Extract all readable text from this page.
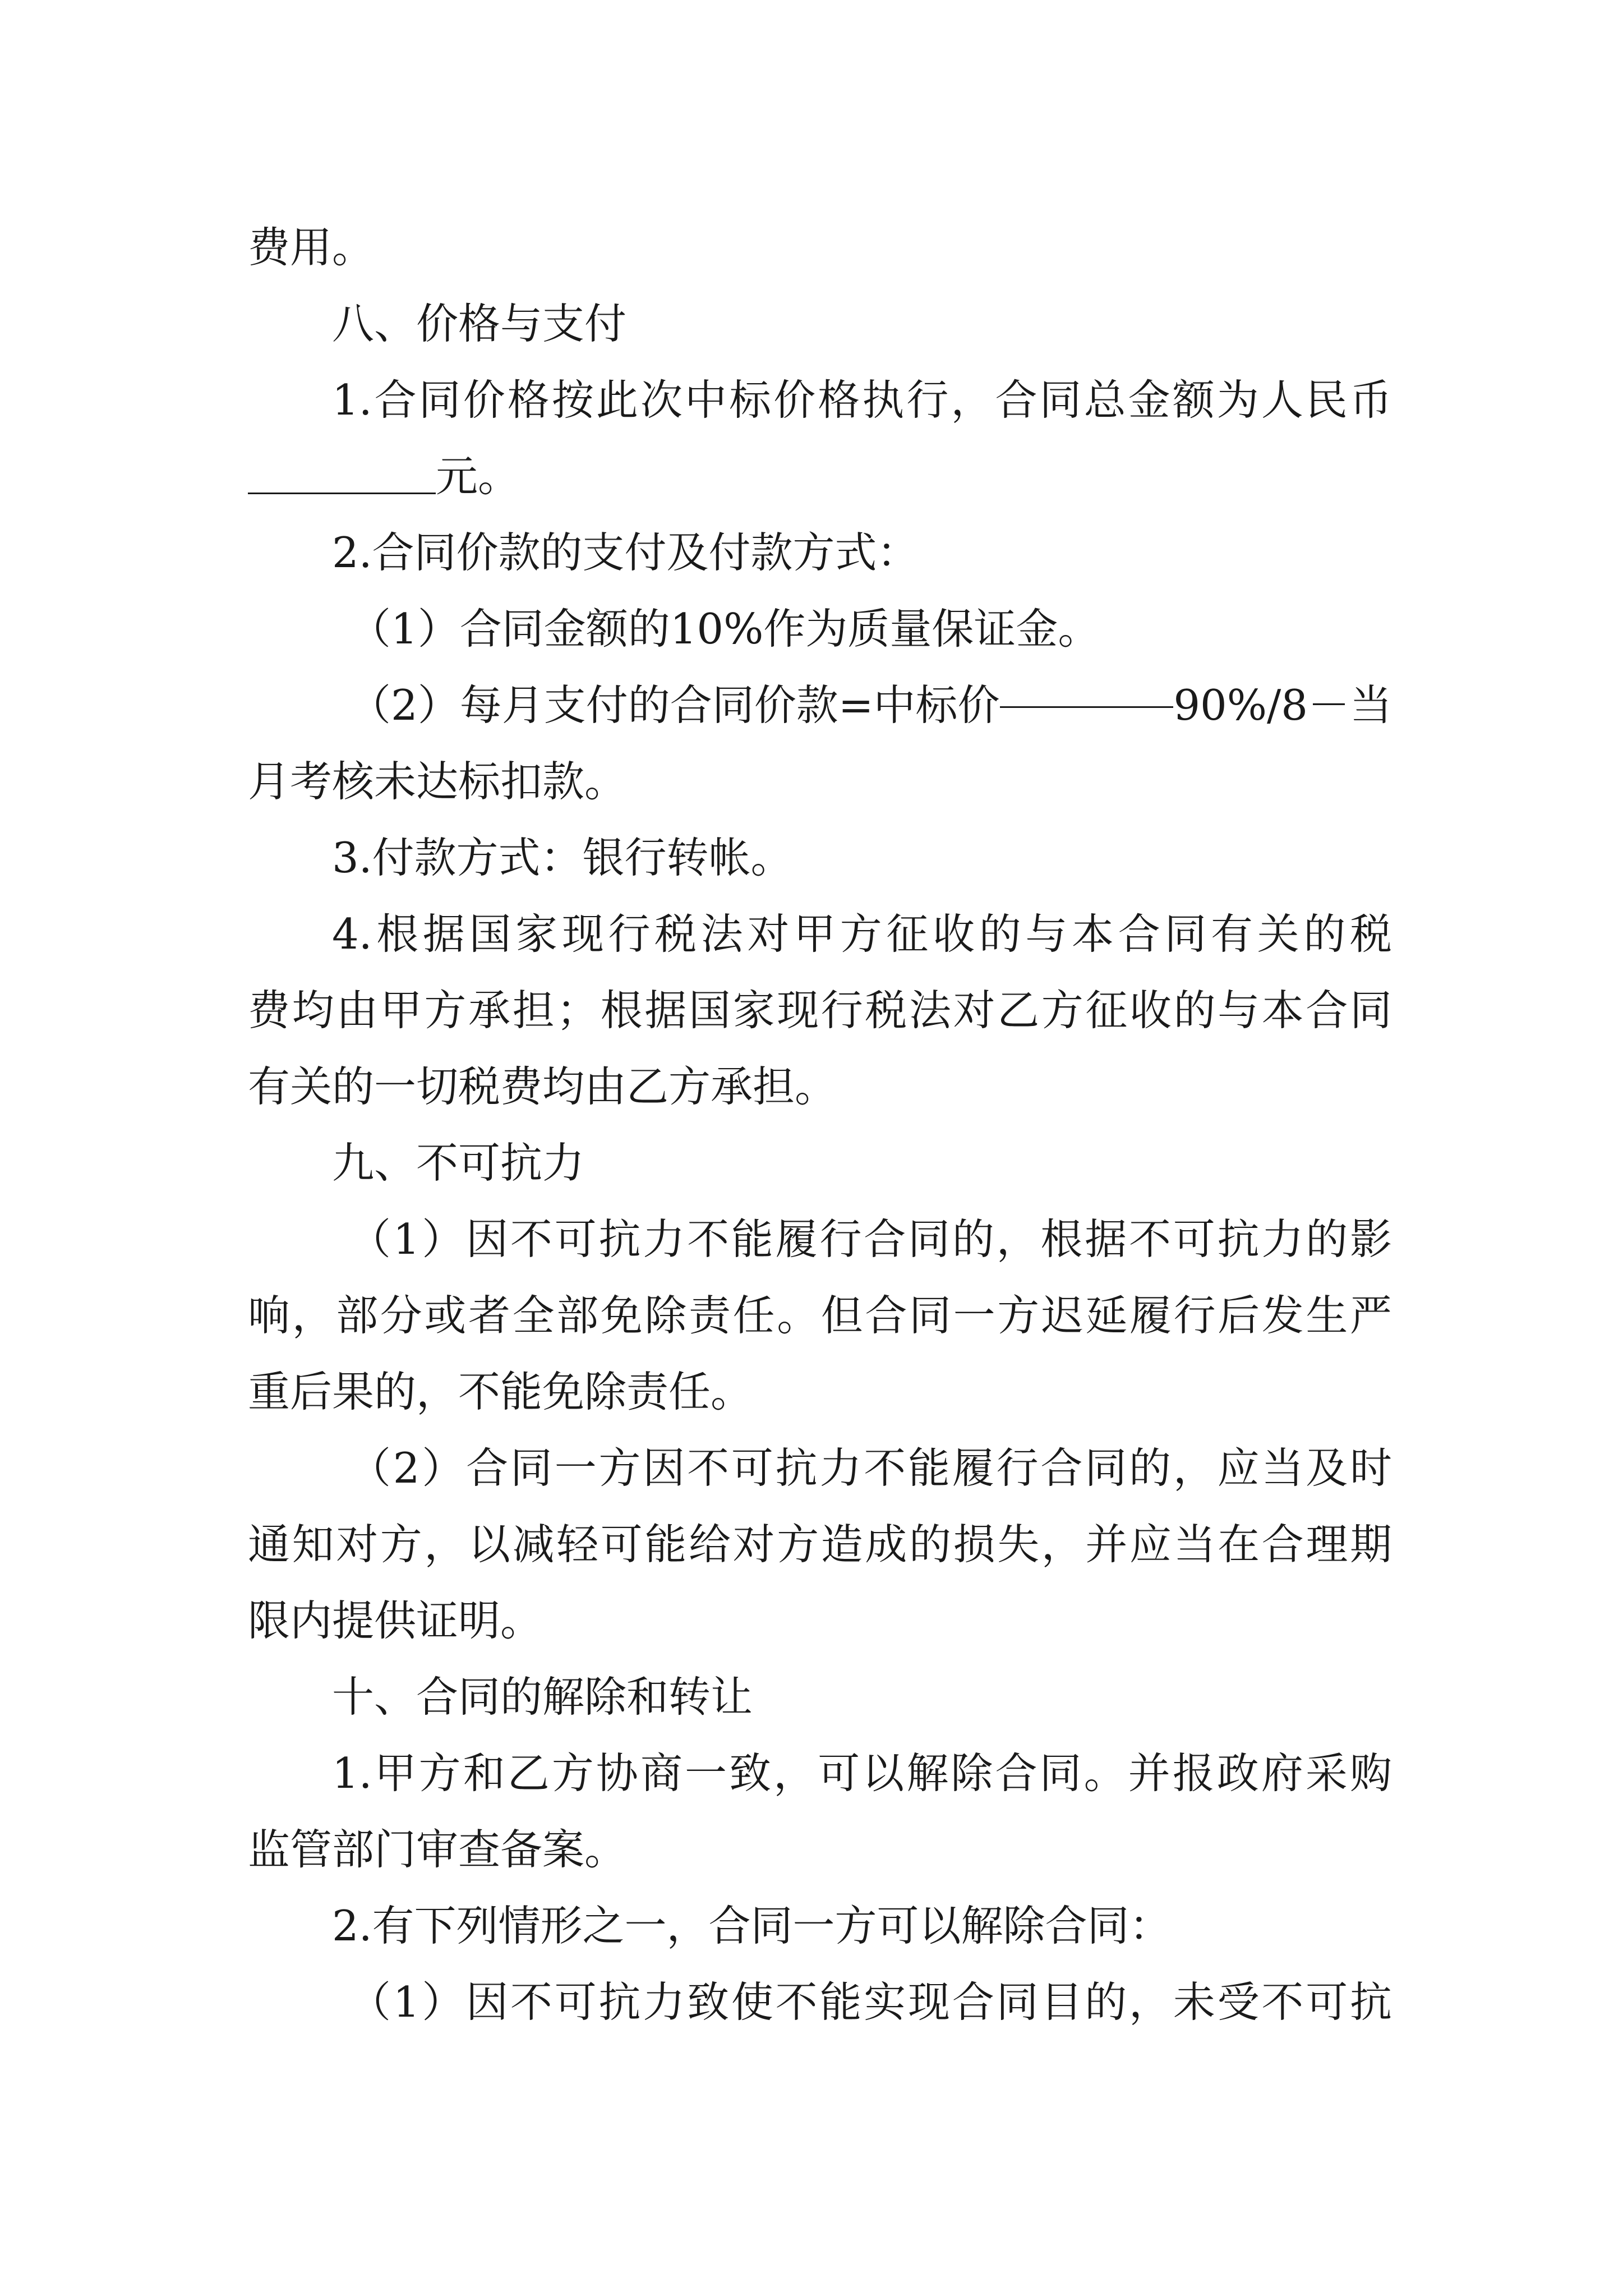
费用。
八、价格与支付
1.合同价格按此次中标价格执行，合同总金额为人民币
元。
2.合同价款的支付及付款方式：
（1）合同金额的10%作为质量保证金。
（2）每月支付的合同价款=中标价	90%/8－当
月考核未达标扣款。
3.付款方式：银行转帐。
4.根据国家现行税法对甲方征收的与本合同有关的税
费均由甲方承担；根据国家现行税法对乙方征收的与本合同
有关的一切税费均由乙方承担。
九、不可抗力
（1）因不可抗力不能履行合同的，根据不可抗力的影
响，部分或者全部免除责任。但合同一方迟延履行后发生严
重后果的，不能免除责任。
（2）合同一方因不可抗力不能履行合同的，应当及时
通知对方，以减轻可能给对方造成的损失，并应当在合理期
限内提供证明。
十、合同的解除和转让
1.甲方和乙方协商一致，可以解除合同。并报政府采购
监管部门审查备案。
2.有下列情形之一，合同一方可以解除合同：
（1）因不可抗力致使不能实现合同目的，未受不可抗
